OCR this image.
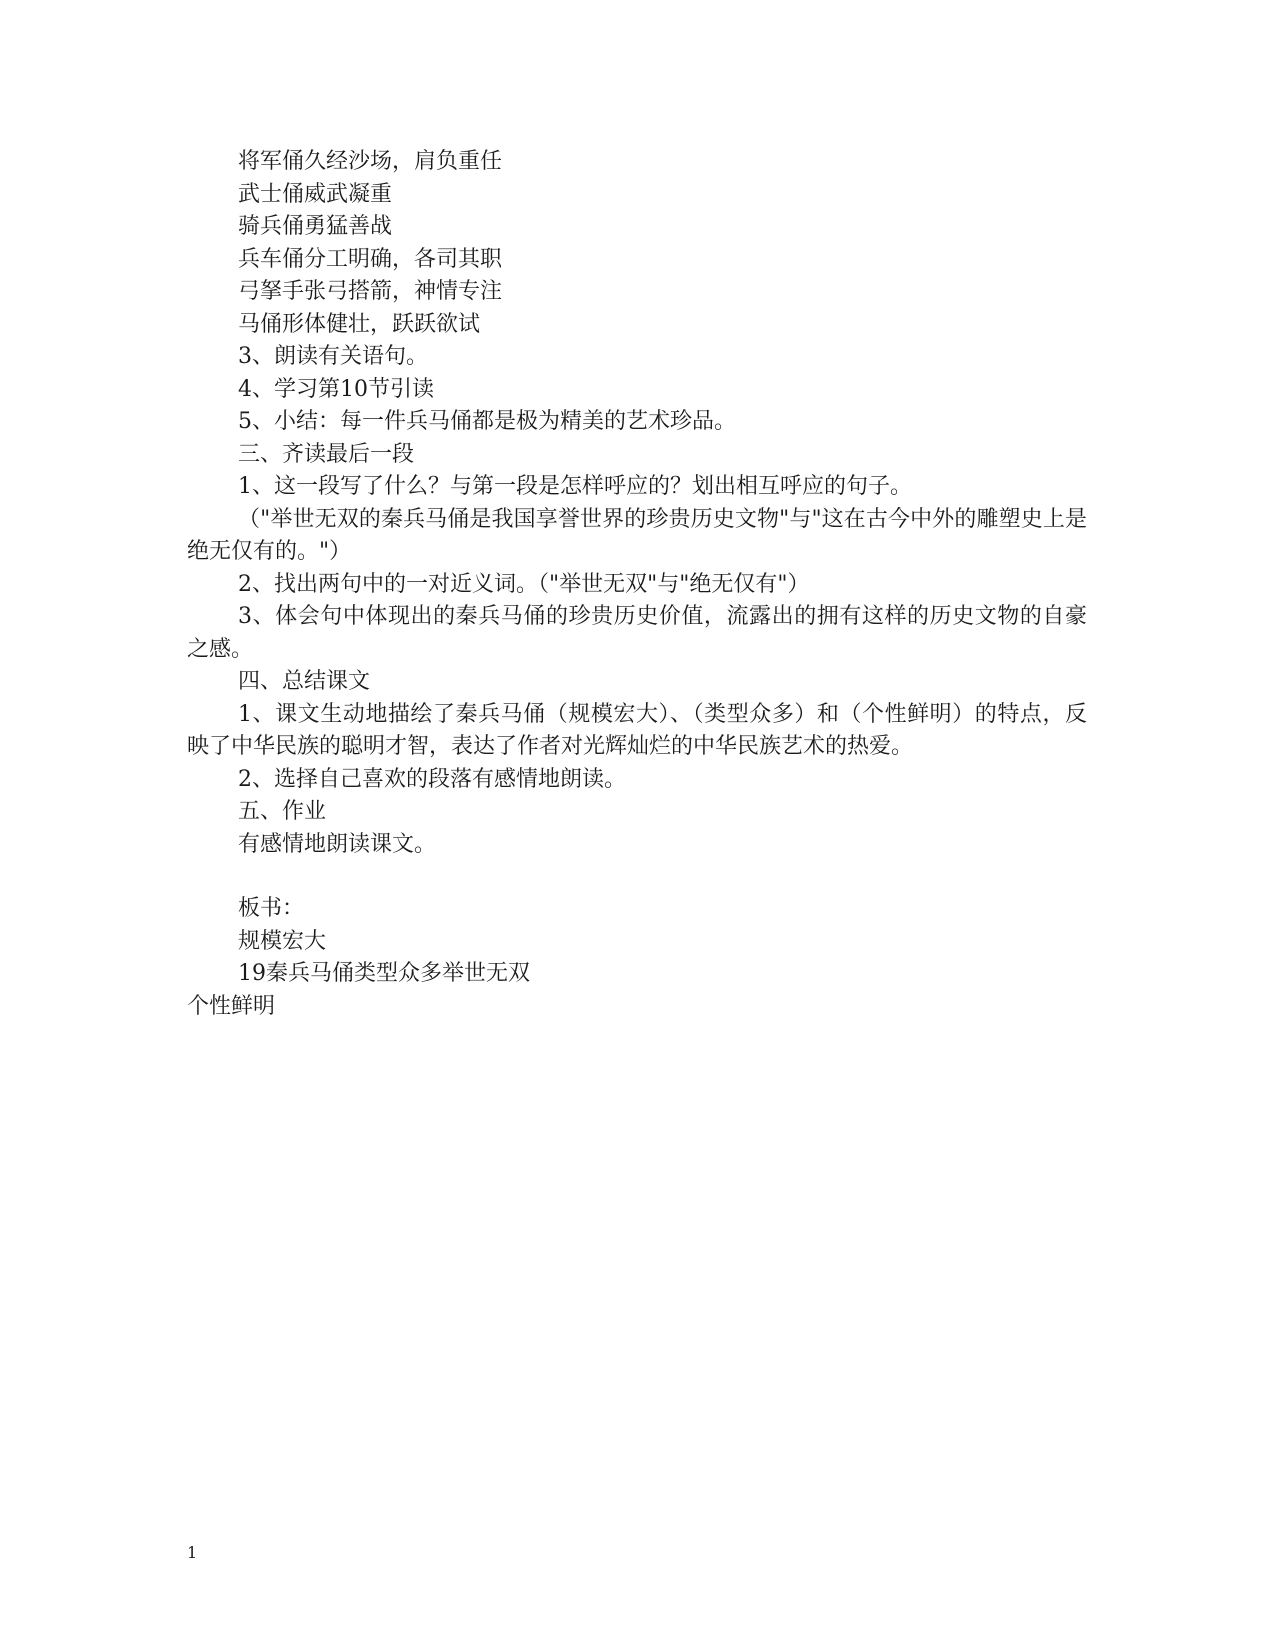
将军俑久经沙场，肩负重任
武士俑威武凝重
骑兵俑勇猛善战
兵车俑分工明确，各司其职
弓拏手张弓搭箭，神情专注
马俑形体健壮，跃跃欲试
3、朗读有关语句。
4、学习第10节引读
5、小结：每一件兵马俑都是极为精美的艺术珍品。
三、齐读最后一段
1、这一段写了什么？与第一段是怎样呼应的？划出相互呼应的句子。
（"举世无双的秦兵马俑是我国享誉世界的珍贵历史文物"与"这在古今中外的雕塑史上是绝无仅有的。"）
2、找出两句中的一对近义词。（"举世无双"与"绝无仅有"）
3、体会句中体现出的秦兵马俑的珍贵历史价值，流露出的拥有这样的历史文物的自豪之感。
四、总结课文
1、课文生动地描绘了秦兵马俑（规模宏大）、（类型众多）和（个性鲜明）的特点，反映了中华民族的聪明才智，表达了作者对光辉灿烂的中华民族艺术的热爱。
2、选择自己喜欢的段落有感情地朗读。
五、作业
有感情地朗读课文。
板书：
规模宏大
19秦兵马俑类型众多举世无双
个性鲜明
1
